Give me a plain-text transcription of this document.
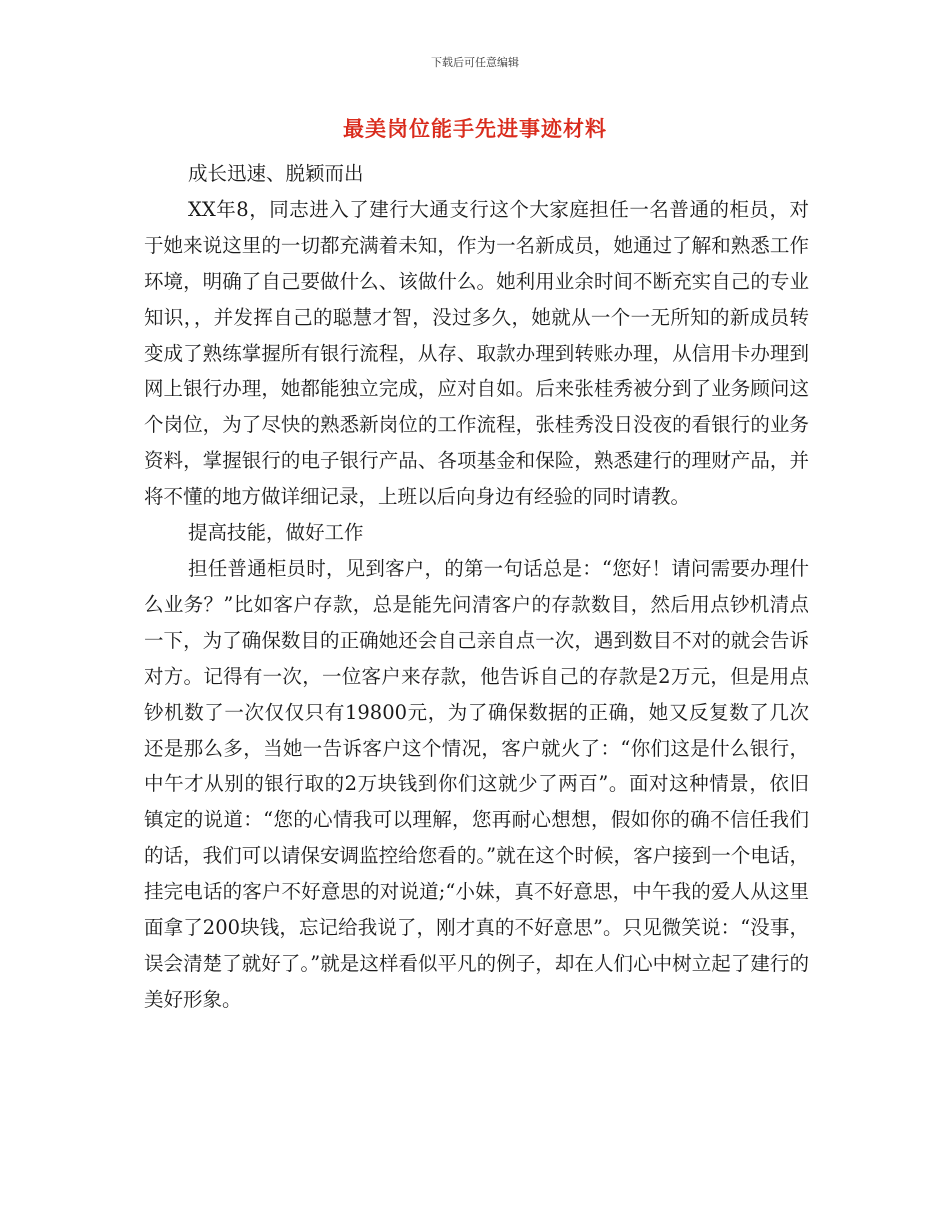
下载后可任意编辑
最美岗位能手先进事迹材料

成长迅速、脱颖而出

XX年8，同志进入了建行大通支行这个大家庭担任一名普通的柜员，对于她来说这里的一切都充满着未知，作为一名新成员，她通过了解和熟悉工作环境，明确了自己要做什么、该做什么。她利用业余时间不断充实自己的专业知识，，并发挥自己的聪慧才智，没过多久，她就从一个一无所知的新成员转变成了熟练掌握所有银行流程，从存、取款办理到转账办理，从信用卡办理到网上银行办理，她都能独立完成，应对自如。后来张桂秀被分到了业务顾问这个岗位，为了尽快的熟悉新岗位的工作流程，张桂秀没日没夜的看银行的业务资料，掌握银行的电子银行产品、各项基金和保险，熟悉建行的理财产品，并将不懂的地方做详细记录，上班以后向身边有经验的同时请教。

提高技能，做好工作

担任普通柜员时，见到客户，的第一句话总是：“您好！请问需要办理什么业务？”比如客户存款，总是能先问清客户的存款数目，然后用点钞机清点一下，为了确保数目的正确她还会自己亲自点一次，遇到数目不对的就会告诉对方。记得有一次，一位客户来存款，他告诉自己的存款是2万元，但是用点钞机数了一次仅仅只有19800元，为了确保数据的正确，她又反复数了几次还是那么多，当她一告诉客户这个情况，客户就火了：“你们这是什么银行，中午才从别的银行取的2万块钱到你们这就少了两百”。面对这种情景，依旧镇定的说道：“您的心情我可以理解，您再耐心想想，假如你的确不信任我们的话，我们可以请保安调监控给您看的。”就在这个时候，客户接到一个电话，挂完电话的客户不好意思的对说道;“小妹，真不好意思，中午我的爱人从这里面拿了200块钱，忘记给我说了，刚才真的不好意思”。只见微笑说：“没事，误会清楚了就好了。”就是这样看似平凡的例子，却在人们心中树立起了建行的美好形象。
